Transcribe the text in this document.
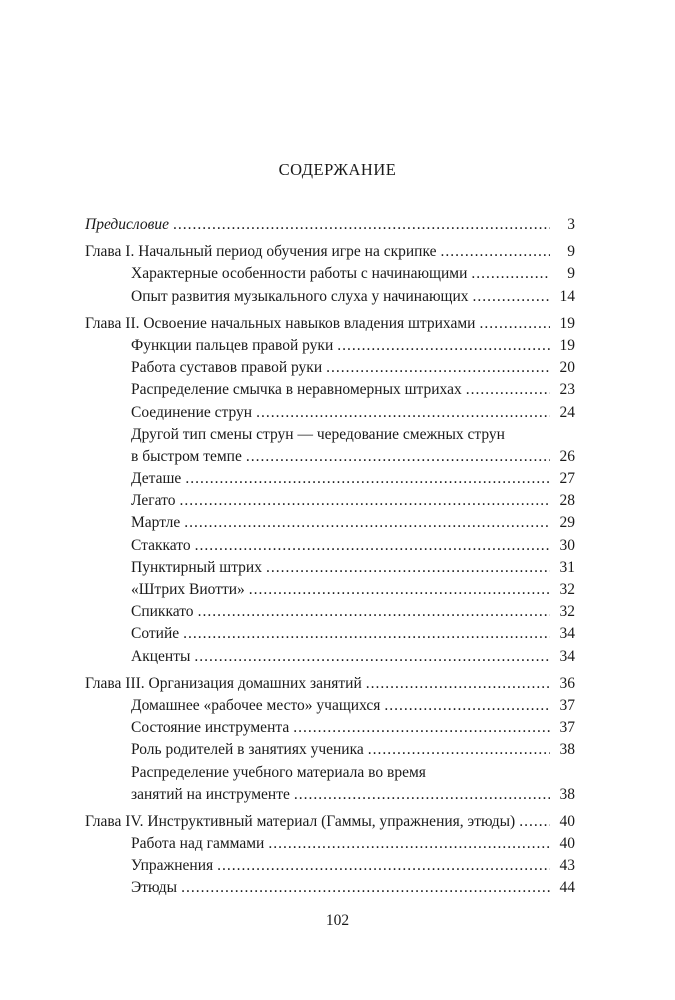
СОДЕРЖАНИЕ
Предисловие .....	3
Глава I. Начальный период обучения игре на скрипке .....	9
Характерные особенности работы с начинающими .....	9
Опыт развития музыкального слуха у начинающих .....	14
Глава II. Освоение начальных навыков владения штрихами .....	19
Функции пальцев правой руки .....	19
Работа суставов правой руки .....	20
Распределение смычка в неравномерных штрихах .....	23
Соединение струн .....	24
Другой тип смены струн — чередование смежных струн
в быстром темпе .....	26
Деташе .....	27
Легато .....	28
Мартле .....	29
Стаккато .....	30
Пунктирный штрих .....	31
«Штрих Виотти» .....	32
Спиккато .....	32
Сотийе .....	34
Акценты .....	34
Глава III. Организация домашних занятий .....	36
Домашнее «рабочее место» учащихся .....	37
Состояние инструмента .....	37
Роль родителей в занятиях ученика .....	38
Распределение учебного материала во время
занятий на инструменте .....	38
Глава IV. Инструктивный материал (Гаммы, упражнения, этюды) .....	40
Работа над гаммами .....	40
Упражнения .....	43
Этюды .....	44
102
